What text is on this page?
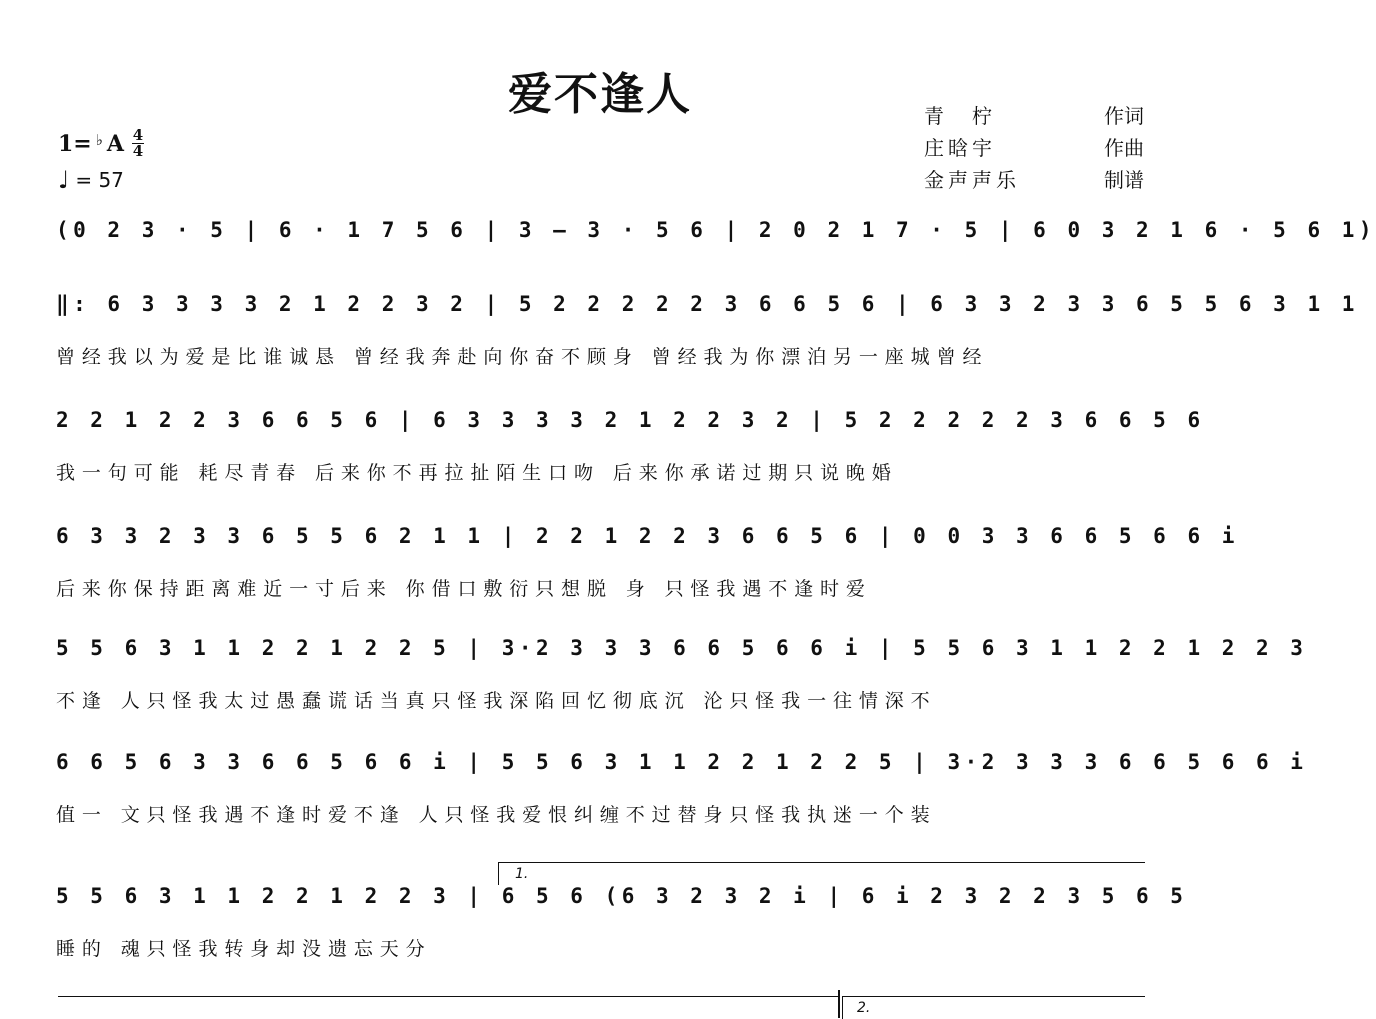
爱不逢人	青柠	作词
庄晗宇	作曲
金声声乐	制谱
1= ♭ A 4
4
♩ = 57
(0 2 3 · 5 | 6 · 1 7 5 6 | 3 – 3 · 5 6 | 2 0 2 1 7 · 5 | 6 0 3 2 1 6 · 5 6 1)
‖: 6 3 3 3 3 2 1 2 2 3 2 | 5 2 2 2 2 2 3 6 6 5 6 | 6 3 3 2 3 3 6 5 5 6 3 1 1
曾经我以为爱是比谁诚恳 曾经我奔赴向你奋不顾身 曾经我为你漂泊另一座城曾经
2 2 1 2 2 3 6 6 5 6 | 6 3 3 3 3 2 1 2 2 3 2 | 5 2 2 2 2 2 3 6 6 5 6
我一句可能 耗尽青春 后来你不再拉扯陌生口吻 后来你承诺过期只说晚婚
6 3 3 2 3 3 6 5 5 6 2 1 1 | 2 2 1 2 2 3 6 6 5 6 | 0 0 3 3 6 6 5 6 6 i
后来你保持距离难近一寸后来 你借口敷衍只想脱 身 只怪我遇不逢时爱
5 5 6 3 1 1 2 2 1 2 2 5 | 3·2 3 3 3 6 6 5 6 6 i | 5 5 6 3 1 1 2 2 1 2 2 3
不逢 人只怪我太过愚蠢谎话当真只怪我深陷回忆彻底沉 沦只怪我一往情深不
6 6 5 6 3 3 6 6 5 6 6 i | 5 5 6 3 1 1 2 2 1 2 2 5 | 3·2 3 3 3 6 6 5 6 6 i
值一 文只怪我遇不逢时爱不逢 人只怪我爱恨纠缠不过替身只怪我执迷一个装
1.
5 5 6 3 1 1 2 2 1 2 2 3 | 6 5 6 (6 3 2 3 2 i | 6 i 2 3 2 2 3 5 6 5
睡的 魂只怪我转身却没遗忘天分
2.
